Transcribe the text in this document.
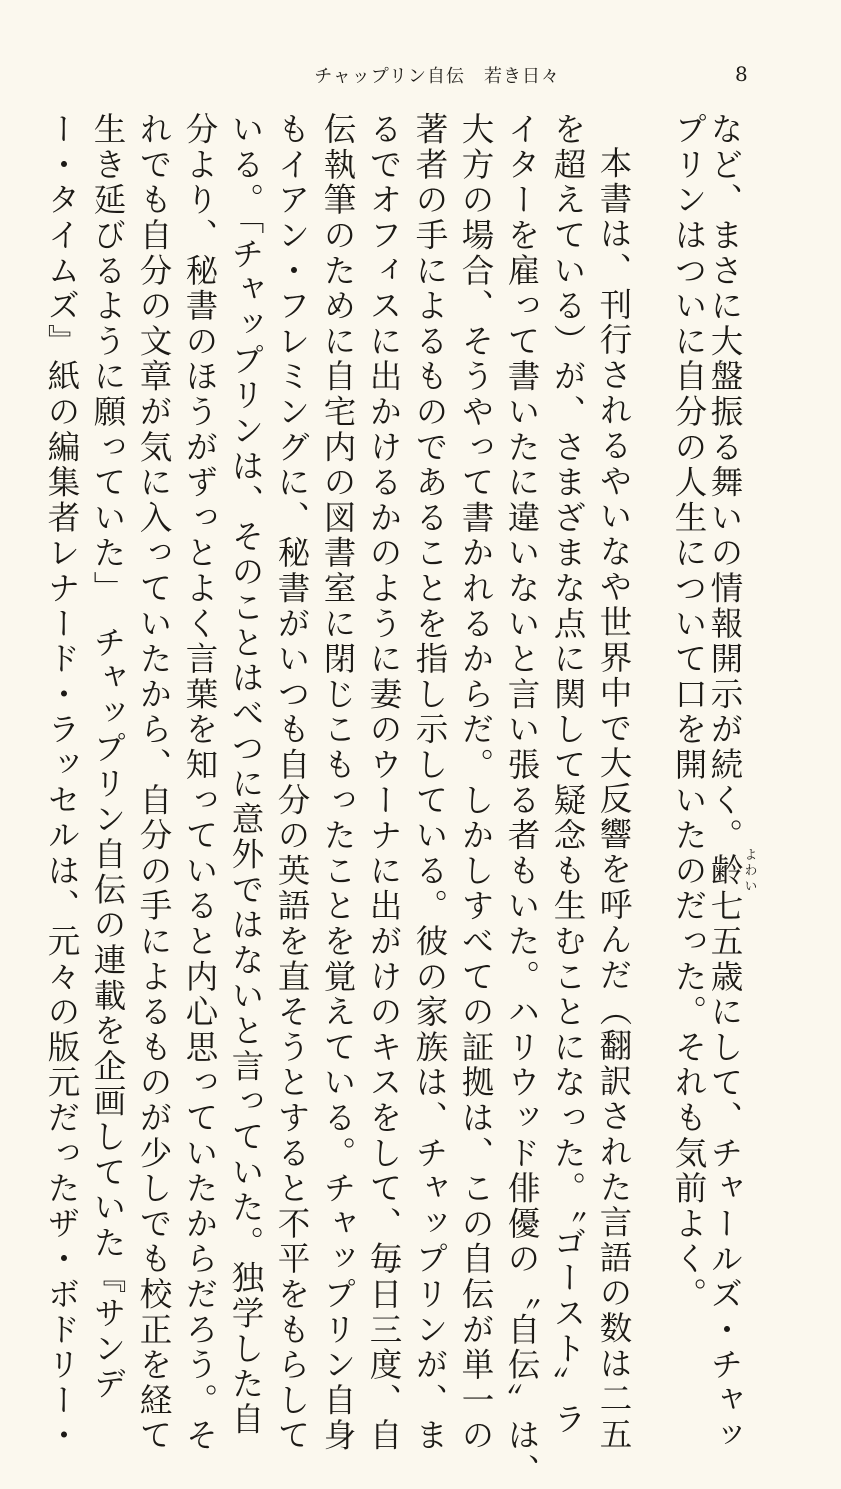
チャップリン自伝　若き日々	8
など、まさに大盤振る舞いの情報開示が続く。齢よわい七五歳にして、チャールズ・チャッ
プリンはついに自分の人生について口を開いたのだった。それも気前よく。
本書は、刊行されるやいなや世界中で大反響を呼んだ（翻訳された言語の数は二五
を超えている）が、さまざまな点に関して疑念も生むことになった。〝ゴースト〟ラ
イターを雇って書いたに違いないと言い張る者もいた。ハリウッド俳優の〝自伝〟は、
大方の場合、そうやって書かれるからだ。しかしすべての証拠は、この自伝が単一の
著者の手によるものであることを指し示している。彼の家族は、チャップリンが、ま
るでオフィスに出かけるかのように妻のウーナに出がけのキスをして、毎日三度、自
伝執筆のために自宅内の図書室に閉じこもったことを覚えている。チャップリン自身
もイアン・フレミングに、秘書がいつも自分の英語を直そうとすると不平をもらして
いる。「チャップリンは、そのことはべつに意外ではないと言っていた。独学した自
分より、秘書のほうがずっとよく言葉を知っていると内心思っていたからだろう。そ
れでも自分の文章が気に入っていたから、自分の手によるものが少しでも校正を経て
生き延びるように願っていた」　チャップリン自伝の連載を企画していた『サンデ
ー・タイムズ』紙の編集者レナード・ラッセルは、元々の版元だったザ・ボドリー・
